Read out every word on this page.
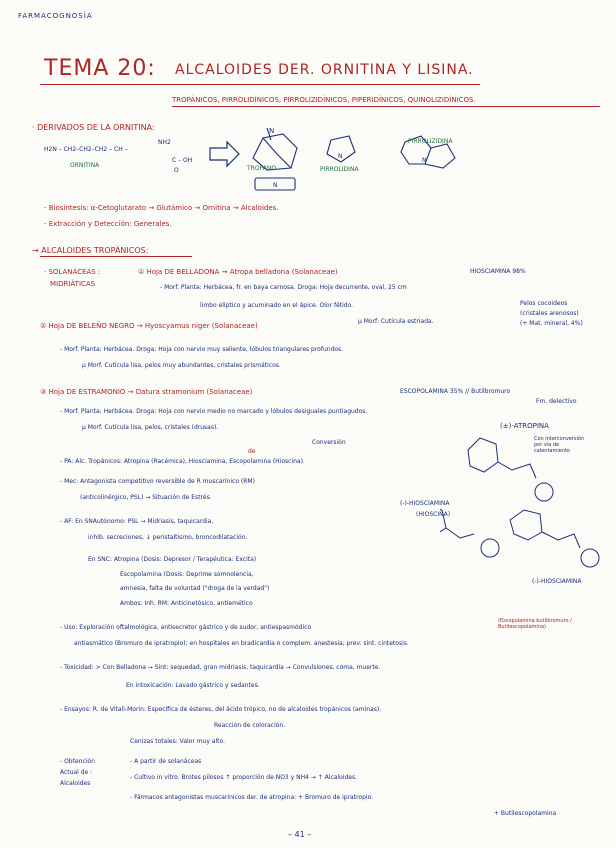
FARMACOGNOSÍA
TEMA 20: ALCALOIDES DER. ORNITINA Y LISINA.
TROPÁNICOS, PIRROLIDÍNICOS, PIRROLIZIDÍNICOS, PIPERIDÍNICOS, QUINOLIZIDÍNICOS.
· DERIVADOS DE LA ORNITINA:
H2N – CH2–CH2–CH2 – CH –
NH2
C – OH
O
ORNITINA
N
N
N
N
TROPANO	PIRROLIDINA
PIRROLIZIDINA
- Biosíntesis: α-Cetoglutarato → Glutámico → Ornitina → Alcaloides.
- Extracción y Detección: Generales.
→ ALCALOIDES TROPÁNICOS:
· SOLANÁCEAS :
MIDRIÁTICAS
① Hoja DE BELLADONA → Atropa belladona (Solanaceae)	HIOSCIAMINA 98%
- Morf. Planta: Herbácea, fr. en baya carnosa. Droga: Hoja decurrente, oval, 25 cm
limbo elíptico y acuminado en el ápice. Olor fétido.
μ Morf: Cutícula estriada.
Pelos cocoideos
(cristales arenosos)
(+ Mat. mineral, 4%)
② Hoja DE BELEÑO NEGRO → Hyoscyamus niger (Solanaceae)
- Morf. Planta: Herbácea. Droga: Hoja con nervio muy saliente, lóbulos triangulares profundos.
μ Morf. Cutícula lisa, pelos muy abundantes, cristales prismáticos.
③ Hoja DE ESTRAMONIO → Datura stramonium (Solanaceae)	ESCOPOLAMINA 35% // Butilbromuro
Fm. delectivo
- Morf. Planta: Herbácea. Droga: Hoja con nervio medio no marcado y lóbulos desiguales puntiagudos.
μ Morf. Cutícula lisa, pelos, cristales (drusas).
de
Conversión
- PA: Alc. Tropánicos: Atropina (Racémica), Hiosciamina, Escopolamina (Hioscina).
- Mec: Antagonista competitivo reversible de R muscarínico (RM)
(anticolinérgico, PSL) → Situación de Estrés.
- AF: En SNAutónomo: PSL → Midriasis, taquicardia,
inhib. secreciones, ↓ peristaltismo, broncodilatación.
En SNC: Atropina (Dosis: Depresor / Terapéutica: Excita)
Escopolamina (Dosis: Deprime somnolencia,
amnesia, falta de voluntad ("droga de la verdad")
Ambos: Inh. RM: Anticinetósico, antiemético
(±)-ATROPINA
Con interconversión por vía de calentamiento
(-)-HIOSCIAMINA
(HIOSCINA)
(-)-HIOSCIAMINA
- Uso: Exploración oftalmológica, antisecretor gástrico y de sudor, antiespasmódico
(Escopolamina butilbromuro / Butilescopolamina)
antiasmático (Bromuro de ipratropio); en hospitales en bradicardia o complem. anestesia; prev. sint. cintetosis.
- Toxicidad: > Con Belladona → Sínt: sequedad, gran midriasis, taquicardia → Convulsiones, coma, muerte.
En intoxicación: Lavado gástrico y sedantes.
- Ensayos: R. de Vitali-Morin: Específica de ésteres, del ácido trópico, no de alcaloides tropánicos (aminas).
Reacción de coloración.
Cenizas totales: Valor muy alto.
- Obtención
Actual de :
Alcaloides
- A partir de solanáceas
- Cultivo in vitro. Brotes pilosos ↑ proporción de NO3 y NH4 → ↑ Alcaloides.
- Fármacos antagonistas muscarínicos der. de atropina: + Bromuro de ipratropio.
+ Butilescopolamina
– 41 –
